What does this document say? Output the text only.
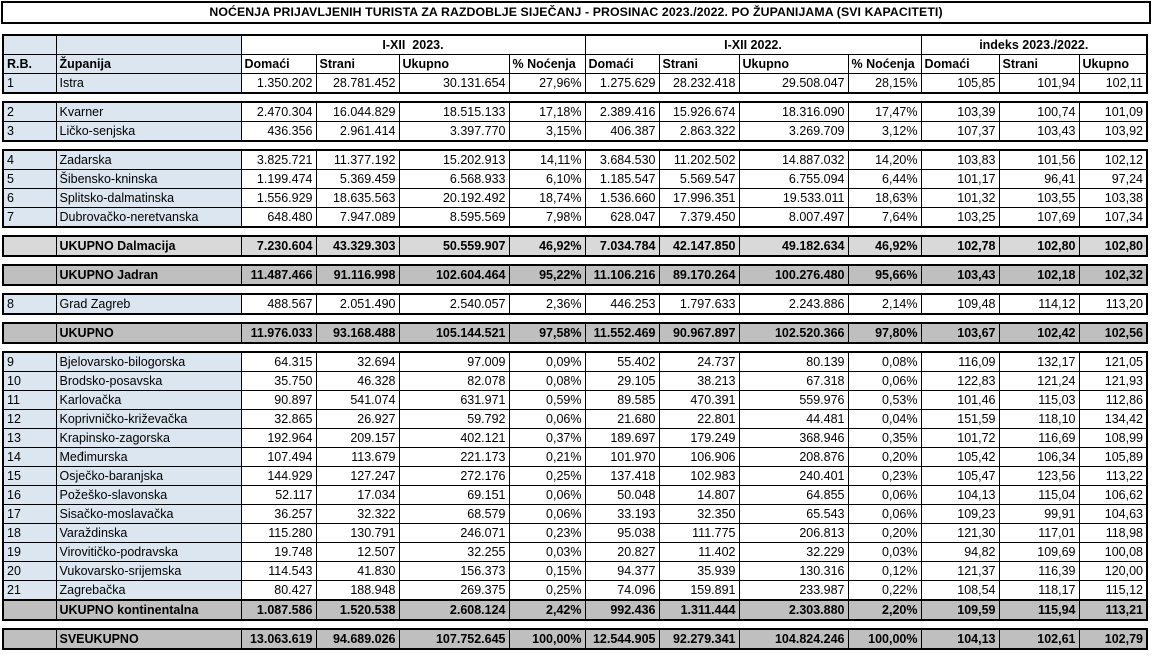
NOĆENJA PRIJAVLJENIH TURISTA ZA RAZDOBLJE SIJEČANJ - PROSINAC 2023./2022. PO ŽUPANIJAMA (SVI KAPACITETI)
		I-XII  2023.				I-XII 2022.				indeks 2023./2022.		
R.B.	Županija	Domaći	Strani	Ukupno	% Noćenja	Domaći	Strani	Ukupno	% Noćenja	Domaći	Strani	Ukupno
1	Istra	1.350.202	28.781.452	30.131.654	27,96%	1.275.629	28.232.418	29.508.047	28,15%	105,85	101,94	102,11
2	Kvarner	2.470.304	16.044.829	18.515.133	17,18%	2.389.416	15.926.674	18.316.090	17,47%	103,39	100,74	101,09
3	Ličko-senjska	436.356	2.961.414	3.397.770	3,15%	406.387	2.863.322	3.269.709	3,12%	107,37	103,43	103,92
4	Zadarska	3.825.721	11.377.192	15.202.913	14,11%	3.684.530	11.202.502	14.887.032	14,20%	103,83	101,56	102,12
5	Šibensko-kninska	1.199.474	5.369.459	6.568.933	6,10%	1.185.547	5.569.547	6.755.094	6,44%	101,17	96,41	97,24
6	Splitsko-dalmatinska	1.556.929	18.635.563	20.192.492	18,74%	1.536.660	17.996.351	19.533.011	18,63%	101,32	103,55	103,38
7	Dubrovačko-neretvanska	648.480	7.947.089	8.595.569	7,98%	628.047	7.379.450	8.007.497	7,64%	103,25	107,69	107,34
	UKUPNO Dalmacija	7.230.604	43.329.303	50.559.907	46,92%	7.034.784	42.147.850	49.182.634	46,92%	102,78	102,80	102,80
	UKUPNO Jadran	11.487.466	91.116.998	102.604.464	95,22%	11.106.216	89.170.264	100.276.480	95,66%	103,43	102,18	102,32
8	Grad Zagreb	488.567	2.051.490	2.540.057	2,36%	446.253	1.797.633	2.243.886	2,14%	109,48	114,12	113,20
	UKUPNO	11.976.033	93.168.488	105.144.521	97,58%	11.552.469	90.967.897	102.520.366	97,80%	103,67	102,42	102,56
9	Bjelovarsko-bilogorska	64.315	32.694	97.009	0,09%	55.402	24.737	80.139	0,08%	116,09	132,17	121,05
10	Brodsko-posavska	35.750	46.328	82.078	0,08%	29.105	38.213	67.318	0,06%	122,83	121,24	121,93
11	Karlovačka	90.897	541.074	631.971	0,59%	89.585	470.391	559.976	0,53%	101,46	115,03	112,86
12	Koprivničko-križevačka	32.865	26.927	59.792	0,06%	21.680	22.801	44.481	0,04%	151,59	118,10	134,42
13	Krapinsko-zagorska	192.964	209.157	402.121	0,37%	189.697	179.249	368.946	0,35%	101,72	116,69	108,99
14	Međimurska	107.494	113.679	221.173	0,21%	101.970	106.906	208.876	0,20%	105,42	106,34	105,89
15	Osječko-baranjska	144.929	127.247	272.176	0,25%	137.418	102.983	240.401	0,23%	105,47	123,56	113,22
16	Požeško-slavonska	52.117	17.034	69.151	0,06%	50.048	14.807	64.855	0,06%	104,13	115,04	106,62
17	Sisačko-moslavačka	36.257	32.322	68.579	0,06%	33.193	32.350	65.543	0,06%	109,23	99,91	104,63
18	Varaždinska	115.280	130.791	246.071	0,23%	95.038	111.775	206.813	0,20%	121,30	117,01	118,98
19	Virovitičko-podravska	19.748	12.507	32.255	0,03%	20.827	11.402	32.229	0,03%	94,82	109,69	100,08
20	Vukovarsko-srijemska	114.543	41.830	156.373	0,15%	94.377	35.939	130.316	0,12%	121,37	116,39	120,00
21	Zagrebačka	80.427	188.948	269.375	0,25%	74.096	159.891	233.987	0,22%	108,54	118,17	115,12
	UKUPNO kontinentalna	1.087.586	1.520.538	2.608.124	2,42%	992.436	1.311.444	2.303.880	2,20%	109,59	115,94	113,21
	SVEUKUPNO	13.063.619	94.689.026	107.752.645	100,00%	12.544.905	92.279.341	104.824.246	100,00%	104,13	102,61	102,79
